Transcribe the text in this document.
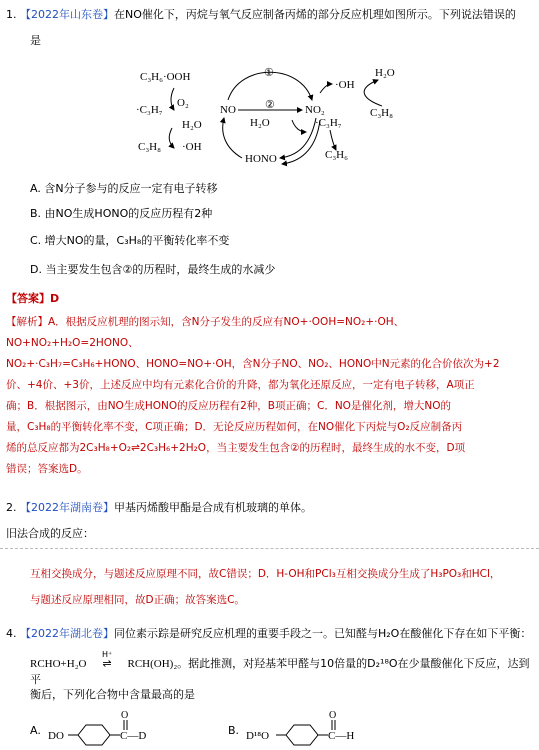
1. 【2022年山东卷】在NO催化下，丙烷与氧气反应制备丙烯的部分反应机理如图所示。下列说法错误的
是
C₃H₆·OOH
O₂
·C₃H₇
H₂O
C₃H₈ ·OH
NO
①
②
H₂O
NO₂
·C₃H₇
HONO	C₃H₆
·OH
H₂O
C₃H₈
A. 含N分子参与的反应一定有电子转移
B. 由NO生成HONO的反应历程有2种
C. 增大NO的量，C₃H₈的平衡转化率不变
D. 当主要发生包含②的历程时，最终生成的水减少
【答案】D
【解析】A．根据反应机理的图示知，含N分子发生的反应有NO+·OOH=NO₂+·OH、NO+NO₂+H₂O=2HONO、
NO₂+·C₃H₇=C₃H₆+HONO、HONO=NO+·OH，含N分子NO、NO₂、HONO中N元素的化合价依次为+2
价、+4价、+3价，上述反应中均有元素化合价的升降，都为氧化还原反应，一定有电子转移，A项正
确；B．根据图示，由NO生成HONO的反应历程有2种，B项正确；C．NO是催化剂，增大NO的
量，C₃H₈的平衡转化率不变，C项正确；D．无论反应历程如何，在NO催化下丙烷与O₂反应制备丙
烯的总反应都为2C₃H₈+O₂⇌2C₃H₆+2H₂O，当主要发生包含②的历程时，最终生成的水不变，D项
错误；答案选D。
2. 【2022年湖南卷】甲基丙烯酸甲酯是合成有机玻璃的单体。
旧法合成的反应：
互相交换成分，与题述反应原理不同，故C错误；D．H-OH和PCl₃互相交换成分生成了H₃PO₃和HCl，
与题述反应原理相同，故D正确；故答案选C。
4. 【2022年湖北卷】同位素示踪是研究反应机理的重要手段之一。已知醛与H₂O在酸催化下存在如下平衡：
RCHO+H₂O
H⁺
⇌ RCH(OH)₂。据此推测，对羟基苯甲醛与10倍量的D₂¹⁸O在少量酸催化下反应，达到平
衡后，下列化合物中含量最高的是
A. DO	C—D
O
B. D¹⁸O	C—H
O
